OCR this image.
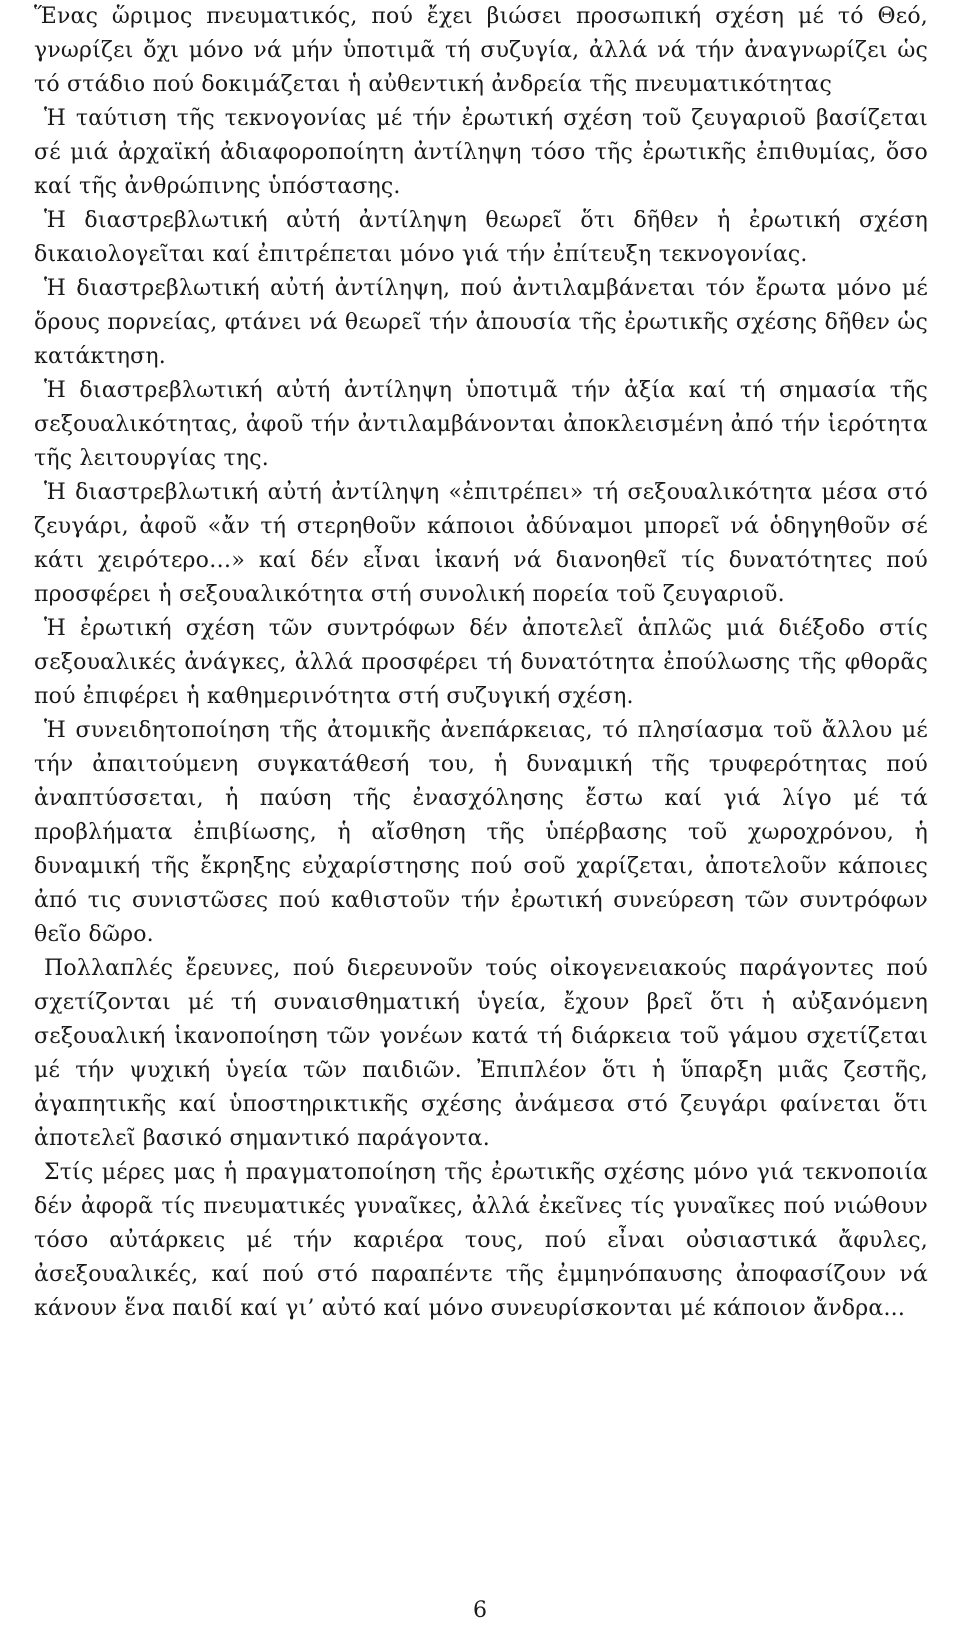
Ἕνας ὥριμος πνευματικός, πού ἔχει βιώσει προσωπική σχέση μέ τό Θεό, γνωρίζει ὄχι μόνο νά μήν ὑποτιμᾶ τή συζυγία, ἀλλά νά τήν ἀναγνωρίζει ὡς τό στάδιο πού δοκιμάζεται ἡ αὐθεντική ἀνδρεία τῆς πνευματικότητας

Ἡ ταύτιση τῆς τεκνογονίας μέ τήν ἐρωτική σχέση τοῦ ζευγαριοῦ βασίζεται σέ μιά ἀρχαϊκή ἀδιαφοροποίητη ἀντίληψη τόσο τῆς ἐρωτικῆς ἐπιθυμίας, ὅσο καί τῆς ἀνθρώπινης ὑπόστασης.

Ἡ διαστρεβλωτική αὐτή ἀντίληψη θεωρεῖ ὅτι δῆθεν ἡ ἐρωτική σχέση δικαιολογεῖται καί ἐπιτρέπεται μόνο γιά τήν ἐπίτευξη τεκνογονίας.

Ἡ διαστρεβλωτική αὐτή ἀντίληψη, πού ἀντιλαμβάνεται τόν ἔρωτα μόνο μέ ὅρους πορνείας, φτάνει νά θεωρεῖ τήν ἀπουσία τῆς ἐρωτικῆς σχέσης δῆθεν ὡς κατάκτηση.

Ἡ διαστρεβλωτική αὐτή ἀντίληψη ὑποτιμᾶ τήν ἀξία καί τή σημασία τῆς σεξουαλικότητας, ἀφοῦ τήν ἀντιλαμβάνονται ἀποκλεισμένη ἀπό τήν ἱερότητα τῆς λειτουργίας της.

Ἡ διαστρεβλωτική αὐτή ἀντίληψη «ἐπιτρέπει» τή σεξουαλικότητα μέσα στό ζευγάρι, ἀφοῦ «ἄν τή στερηθοῦν κάποιοι ἀδύναμοι μπορεῖ νά ὁδηγηθοῦν σέ κάτι χειρότερο…» καί δέν εἶναι ἱκανή νά διανοηθεῖ τίς δυνατότητες πού προσφέρει ἡ σεξουαλικότητα στή συνολική πορεία τοῦ ζευγαριοῦ.

Ἡ ἐρωτική σχέση τῶν συντρόφων δέν ἀποτελεῖ ἁπλῶς μιά διέξοδο στίς σεξουαλικές ἀνάγκες, ἀλλά προσφέρει τή δυνατότητα ἐπούλωσης τῆς φθορᾶς πού ἐπιφέρει ἡ καθημερινότητα στή συζυγική σχέση.

Ἡ συνειδητοποίηση τῆς ἀτομικῆς ἀνεπάρκειας, τό πλησίασμα τοῦ ἄλλου μέ τήν ἀπαιτούμενη συγκατάθεσή του, ἡ δυναμική τῆς τρυφερότητας πού ἀναπτύσσεται, ἡ παύση τῆς ἐνασχόλησης ἔστω καί γιά λίγο μέ τά προβλήματα ἐπιβίωσης, ἡ αἴσθηση τῆς ὑπέρβασης τοῦ χωροχρόνου, ἡ δυναμική τῆς ἔκρηξης εὐχαρίστησης πού σοῦ χαρίζεται, ἀποτελοῦν κάποιες ἀπό τις συνιστῶσες πού καθιστοῦν τήν ἐρωτική συνεύρεση τῶν συντρόφων θεῖο δῶρο.

Πολλαπλές ἔρευνες, πού διερευνοῦν τούς οἰκογενειακούς παράγοντες πού σχετίζονται μέ τή συναισθηματική ὑγεία, ἔχουν βρεῖ ὅτι ἡ αὐξανόμενη σεξουαλική ἱκανοποίηση τῶν γονέων κατά τή διάρκεια τοῦ γάμου σχετίζεται μέ τήν ψυχική ὑγεία τῶν παιδιῶν. Ἐπιπλέον ὅτι ἡ ὕπαρξη μιᾶς ζεστῆς, ἀγαπητικῆς καί ὑποστηρικτικῆς σχέσης ἀνάμεσα στό ζευγάρι φαίνεται ὅτι ἀποτελεῖ βασικό σημαντικό παράγοντα.

Στίς μέρες μας ἡ πραγματοποίηση τῆς ἐρωτικῆς σχέσης μόνο γιά τεκνοποιία δέν ἀφορᾶ τίς πνευματικές γυναῖκες, ἀλλά ἐκεῖνες τίς γυναῖκες πού νιώθουν τόσο αὐτάρκεις μέ τήν καριέρα τους, πού εἶναι οὐσιαστικά ἄφυλες, ἀσεξουαλικές, καί πού στό παραπέντε τῆς ἐμμηνόπαυσης ἀποφασίζουν νά κάνουν ἕνα παιδί καί γι’ αὐτό καί μόνο συνευρίσκονται μέ κάποιον ἄνδρα...

6
